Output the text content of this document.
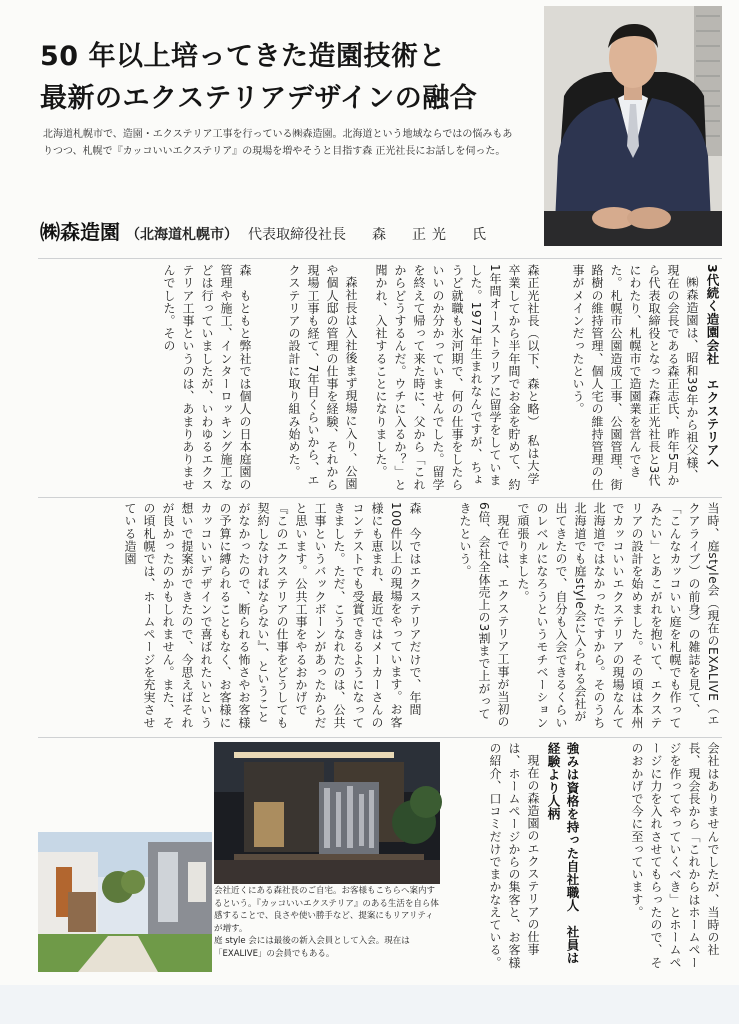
50 年以上培ってきた造園技術と
最新のエクステリアデザインの融合
北海道札幌市で、造園・エクステリア工事を行っている㈱森造園。北海道という地域ならではの悩みもありつつ、札幌で『カッコいいエクステリア』の現場を増やそうと目指す森 正光社長にお話しを伺った。
㈱森造園 （北海道札幌市） 代表取締役社長 森　正光　氏
3代続く造園会社　エクステリアへ

㈱森造園は、昭和39年から祖父様、現在の会長である森正志氏、昨年5月から代表取締役となった森正光社長と3代にわたり、札幌市で造園業を営んできた。札幌市公園造成工事、公園管理、街路樹の維持管理、個人宅の維持管理の仕事がメインだったという。

森正光社長（以下、森と略）　私は大学卒業してから半年間でお金を貯めて、約1年間オーストラリアに留学をしていました。1977年生まれなんですが、ちょうど就職も氷河期で、何の仕事をしたらいいのか分かっていませんでした。留学を終えて帰って来た時に、父から「これからどうするんだ。ウチに入るか？」と聞かれ、入社することになりました。

森社長は入社後まず現場に入り、公園や個人邸の管理の仕事を経験、それから現場工事も経て、7年目くらいから、エクステリアの設計に取り組み始めた。

森　もともと弊社では個人の日本庭園の管理や施工、インターロッキング施工などは行っていましたが、いわゆるエクステリア工事というのは、あまりありませんでした。その

当時、庭style会（現在のEXALIVE（エクアライブ）の前身）の雑誌を見て、「こんなカッコいい庭を札幌でも作ってみたい」とあこがれを抱いて、エクステリアの設計を始めました。その頃は本州でカッコいいエクステリアの現場なんて北海道ではなかったですから。そのうち北海道でも庭style会に入られる会社が出てきたので、自分も入会できるくらいのレベルになろうというモチベーションで頑張りました。

現在では、エクステリア工事が当初の6倍、会社全体売上の3割まで上がってきたという。

森　今ではエクステリアだけで、年間100件以上の現場をやっています。お客様にも恵まれ、最近ではメーカーさんのコンテストでも受賞できるようになってきました。ただ、こうなれたのは、公共工事というバックボーンがあったからだと思います。公共工事をやるおかげで『このエクステリアの仕事をどうしても契約しなければならない』、ということがなかったので、断られる怖さやお客様の予算に縛られることもなく、お客様にカッコいいデザインで喜ばれたいという想いで提案ができたので、今思えばそれが良かったのかもしれません。また、その頃札幌では、ホームページを充実させている造園

会社はありませんでしたが、当時の社長、現会長から「これからはホームページを作ってやっていくべき」とホームページに力を入れさせてもらったので、そのおかげで今に至っています。

強みは資格を持った自社職人　社員は経験より人柄

現在の森造園のエクステリアの仕事は、ホームページからの集客と、お客様の紹介、口コミだけでまかなえている。

会社近くにある森社長のご自宅。お客様もこちらへ案内するという。『カッコいいエクステリア』のある生活を自ら体感することで、良さや使い勝手など、提案にもリアリティが増す。

庭 style 会には最後の新入会員として入会。現在は「EXALIVE」の会員でもある。
